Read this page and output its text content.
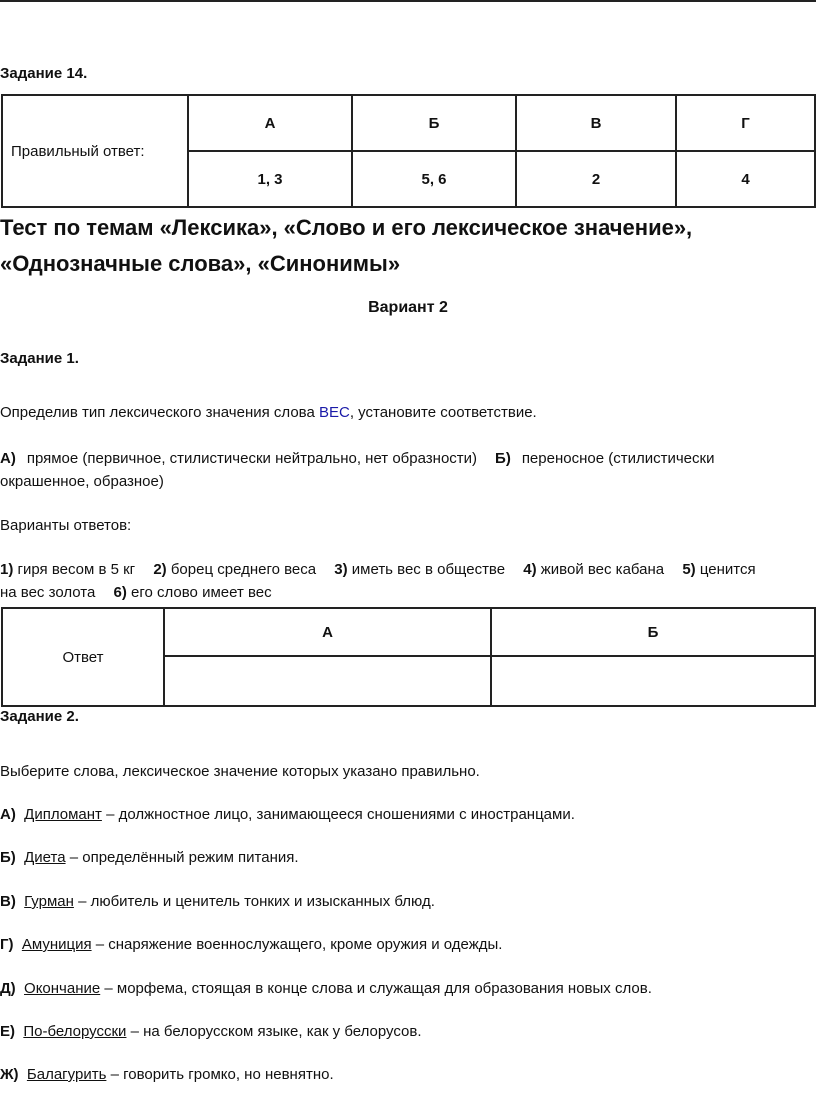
Задание 14.
Правильный ответ:	А	Б	В	Г
	1, 3	5, 6	2	4
Тест по темам «Лексика», «Слово и его лексическое значение»,
«Однозначные слова», «Синонимы»
Вариант 2
Задание 1.
Определив тип лексического значения слова ВЕС, установите соответствие.
А) прямое (первичное, стилистически нейтрально, нет образности) Б) переносное (стилистически
окрашенное, образное)
Варианты ответов:
1) гиря весом в 5 кг 2) борец среднего веса 3) иметь вес в обществе 4) живой вес кабана 5) ценится
на вес золота 6) его слово имеет вес
Ответ	А	Б

Задание 2.
Выберите слова, лексическое значение которых указано правильно.
А) Дипломант – должностное лицо, занимающееся сношениями с иностранцами.
Б) Диета – определённый режим питания.
В) Гурман – любитель и ценитель тонких и изысканных блюд.
Г) Амуниция – снаряжение военнослужащего, кроме оружия и одежды.
Д) Окончание – морфема, стоящая в конце слова и служащая для образования новых слов.
Е) По-белорусски – на белорусском языке, как у белорусов.
Ж) Балагурить – говорить громко, но невнятно.
